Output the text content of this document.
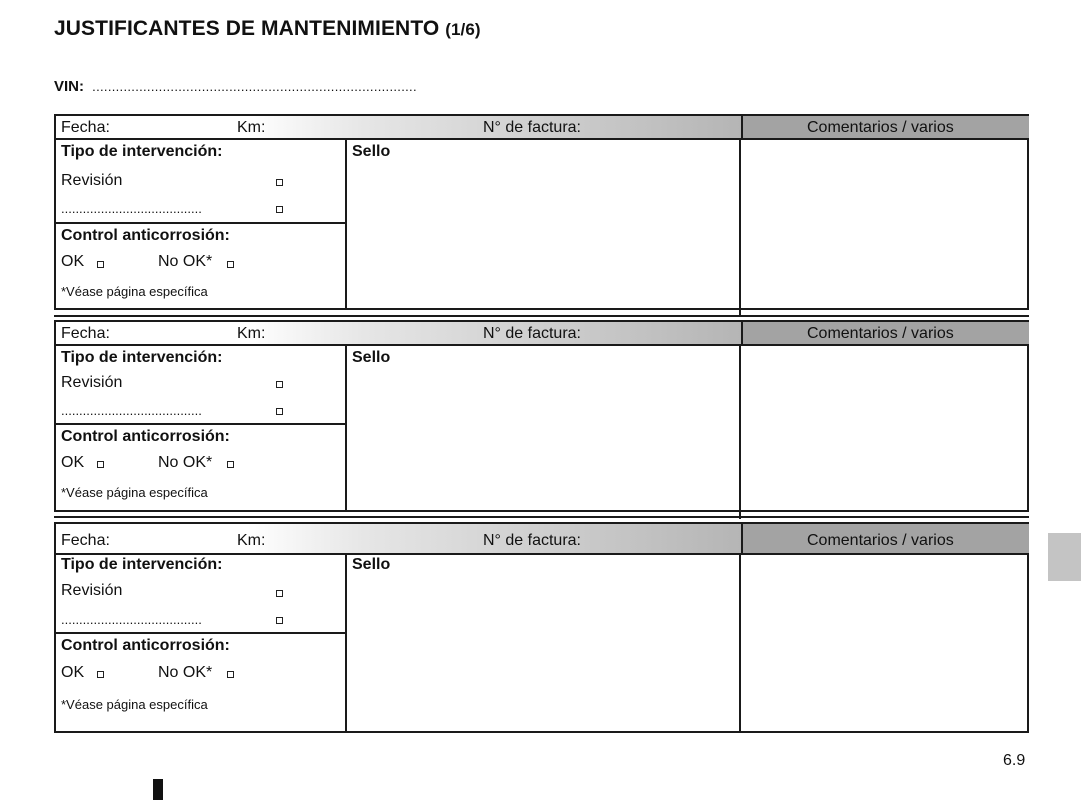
JUSTIFICANTES DE MANTENIMIENTO (1/6)
VIN: ...................................................................................
Fecha:	Km:	N° de factura:	Comentarios / varios
Tipo de intervención:
Revisión
.......................................
Control anticorrosión:
OK	No OK*
*Véase página específica
Sello
Fecha:	Km:	N° de factura:	Comentarios / varios
Tipo de intervención:
Revisión
.......................................
Control anticorrosión:
OK	No OK*
*Véase página específica
Sello
Fecha:	Km:	N° de factura:	Comentarios / varios
Tipo de intervención:
Revisión
.......................................
Control anticorrosión:
OK	No OK*
*Véase página específica
Sello
6.9
